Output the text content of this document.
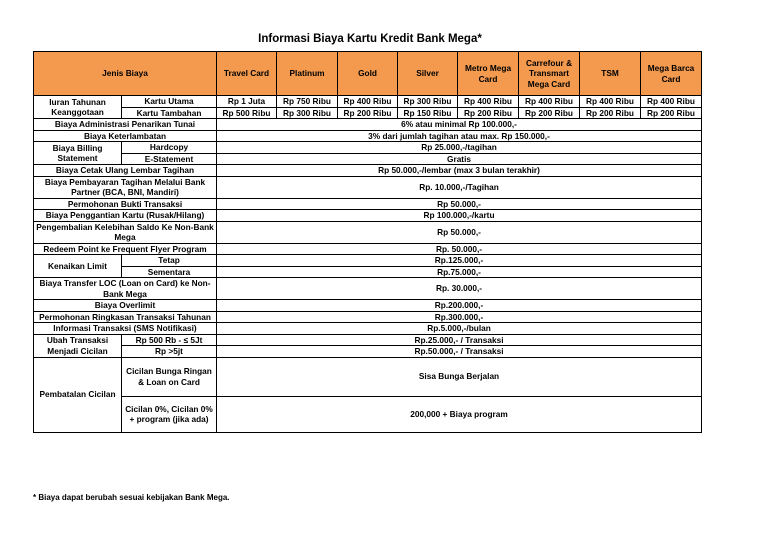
Informasi Biaya Kartu Kredit Bank Mega*
Jenis Biaya		Travel Card	Platinum	Gold	Silver	Metro Mega Card	Carrefour & Transmart Mega Card	TSM	Mega Barca Card
Iuran Tahunan Keanggotaan	Kartu Utama	Rp 1 Juta	Rp 750 Ribu	Rp 400 Ribu	Rp 300 Ribu	Rp 400 Ribu	Rp 400 Ribu	Rp 400 Ribu	Rp 400 Ribu
	Kartu Tambahan	Rp 500 Ribu	Rp 300 Ribu	Rp 200 Ribu	Rp 150 Ribu	Rp 200 Ribu	Rp 200 Ribu	Rp 200 Ribu	Rp 200 Ribu
Biaya Administrasi Penarikan Tunai		6% atau minimal Rp 100.000,-							
Biaya Keterlambatan		3% dari jumlah tagihan atau max. Rp 150.000,-							
Biaya Billing Statement	Hardcopy	Rp 25.000,-/tagihan							
	E-Statement	Gratis							
Biaya Cetak Ulang Lembar Tagihan		Rp 50.000,-/lembar (max 3 bulan terakhir)							
Biaya Pembayaran Tagihan Melalui Bank Partner (BCA, BNI, Mandiri)		Rp. 10.000,-/Tagihan							
Permohonan Bukti Transaksi		Rp 50.000,-							
Biaya Penggantian Kartu (Rusak/Hilang)		Rp 100.000,-/kartu							
Pengembalian Kelebihan Saldo Ke Non-Bank Mega		Rp 50.000,-							
Redeem Point ke Frequent Flyer Program		Rp. 50.000,-							
Kenaikan Limit	Tetap	Rp.125.000,-							
	Sementara	Rp.75.000,-							
Biaya Transfer LOC (Loan on Card) ke Non-Bank Mega		Rp. 30.000,-							
Biaya Overlimit		Rp.200.000,-							
Permohonan Ringkasan Transaksi Tahunan		Rp.300.000,-							
Informasi Transaksi (SMS Notifikasi)		Rp.5.000,-/bulan							
Ubah Transaksi Menjadi Cicilan	Rp 500 Rb - ≤ 5Jt	Rp.25.000,- / Transaksi							
	Rp >5jt	Rp.50.000,- / Transaksi							
Pembatalan Cicilan	Cicilan Bunga Ringan & Loan on Card	Sisa Bunga Berjalan							
	Cicilan 0%, Cicilan 0% + program (jika ada)	200,000 + Biaya program							
* Biaya dapat berubah sesuai kebijakan Bank Mega.
